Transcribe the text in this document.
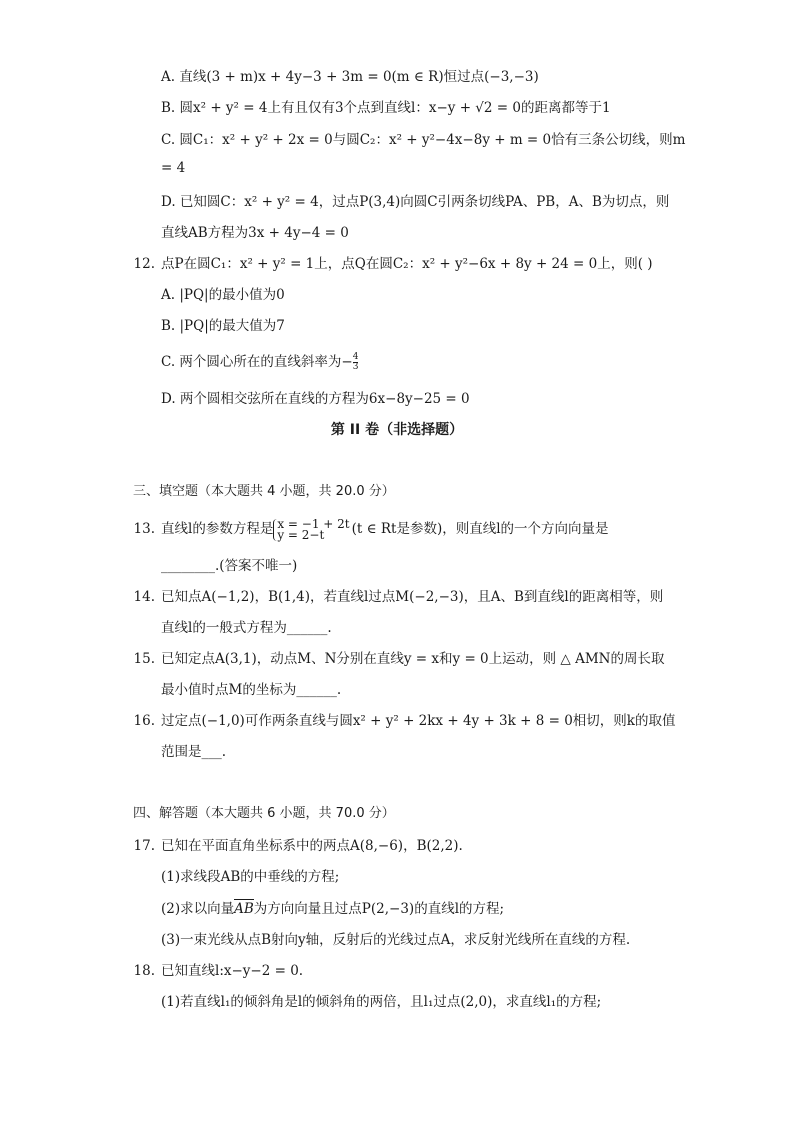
A. 直线(3 + m)x + 4y−3 + 3m = 0(m ∈ R)恒过点(−3,−3)
B. 圆x² + y² = 4上有且仅有3个点到直线l：x−y + √2 = 0的距离都等于1
C. 圆C₁：x² + y² + 2x = 0与圆C₂：x² + y²−4x−8y + m = 0恰有三条公切线，则m
= 4
D. 已知圆C：x² + y² = 4，过点P(3,4)向圆C引两条切线PA、PB，A、B为切点，则
直线AB方程为3x + 4y−4 = 0
12. 点P在圆C₁：x² + y² = 1上，点Q在圆C₂：x² + y²−6x + 8y + 24 = 0上，则( )
A. |PQ|的最小值为0
B. |PQ|的最大值为7
C. 两个圆心所在的直线斜率为− $\frac{4}{3}$
D. 两个圆相交弦所在直线的方程为6x−8y−25 = 0
第 II 卷（非选择题）
三、填空题（本大题共 4 小题，共 20.0 分）
13. 直线l的参数方程是 x = −1 + 2t
y = 2−t	(t ∈ Rt是参数)，则直线l的一个方向向量是
________.(答案不唯一)
14. 已知点A(−1,2)，B(1,4)，若直线l过点M(−2,−3)，且A、B到直线l的距离相等，则
直线l的一般式方程为______.
15. 已知定点A(3,1)，动点M、N分别在直线y = x和y = 0上运动，则 △ AMN的周长取
最小值时点M的坐标为______.
16. 过定点(−1,0)可作两条直线与圆x² + y² + 2kx + 4y + 3k + 8 = 0相切，则k的取值
范围是___.
四、解答题（本大题共 6 小题，共 70.0 分）
17. 已知在平面直角坐标系中的两点A(8,−6)，B(2,2).
(1)求线段AB的中垂线的方程;
(2)求以向量AB为方向向量且过点P(2,−3)的直线l的方程;
(3)一束光线从点B射向y轴，反射后的光线过点A，求反射光线所在直线的方程.
18. 已知直线l:x−y−2 = 0.
(1)若直线l₁的倾斜角是l的倾斜角的两倍，且l₁过点(2,0)，求直线l₁的方程;
